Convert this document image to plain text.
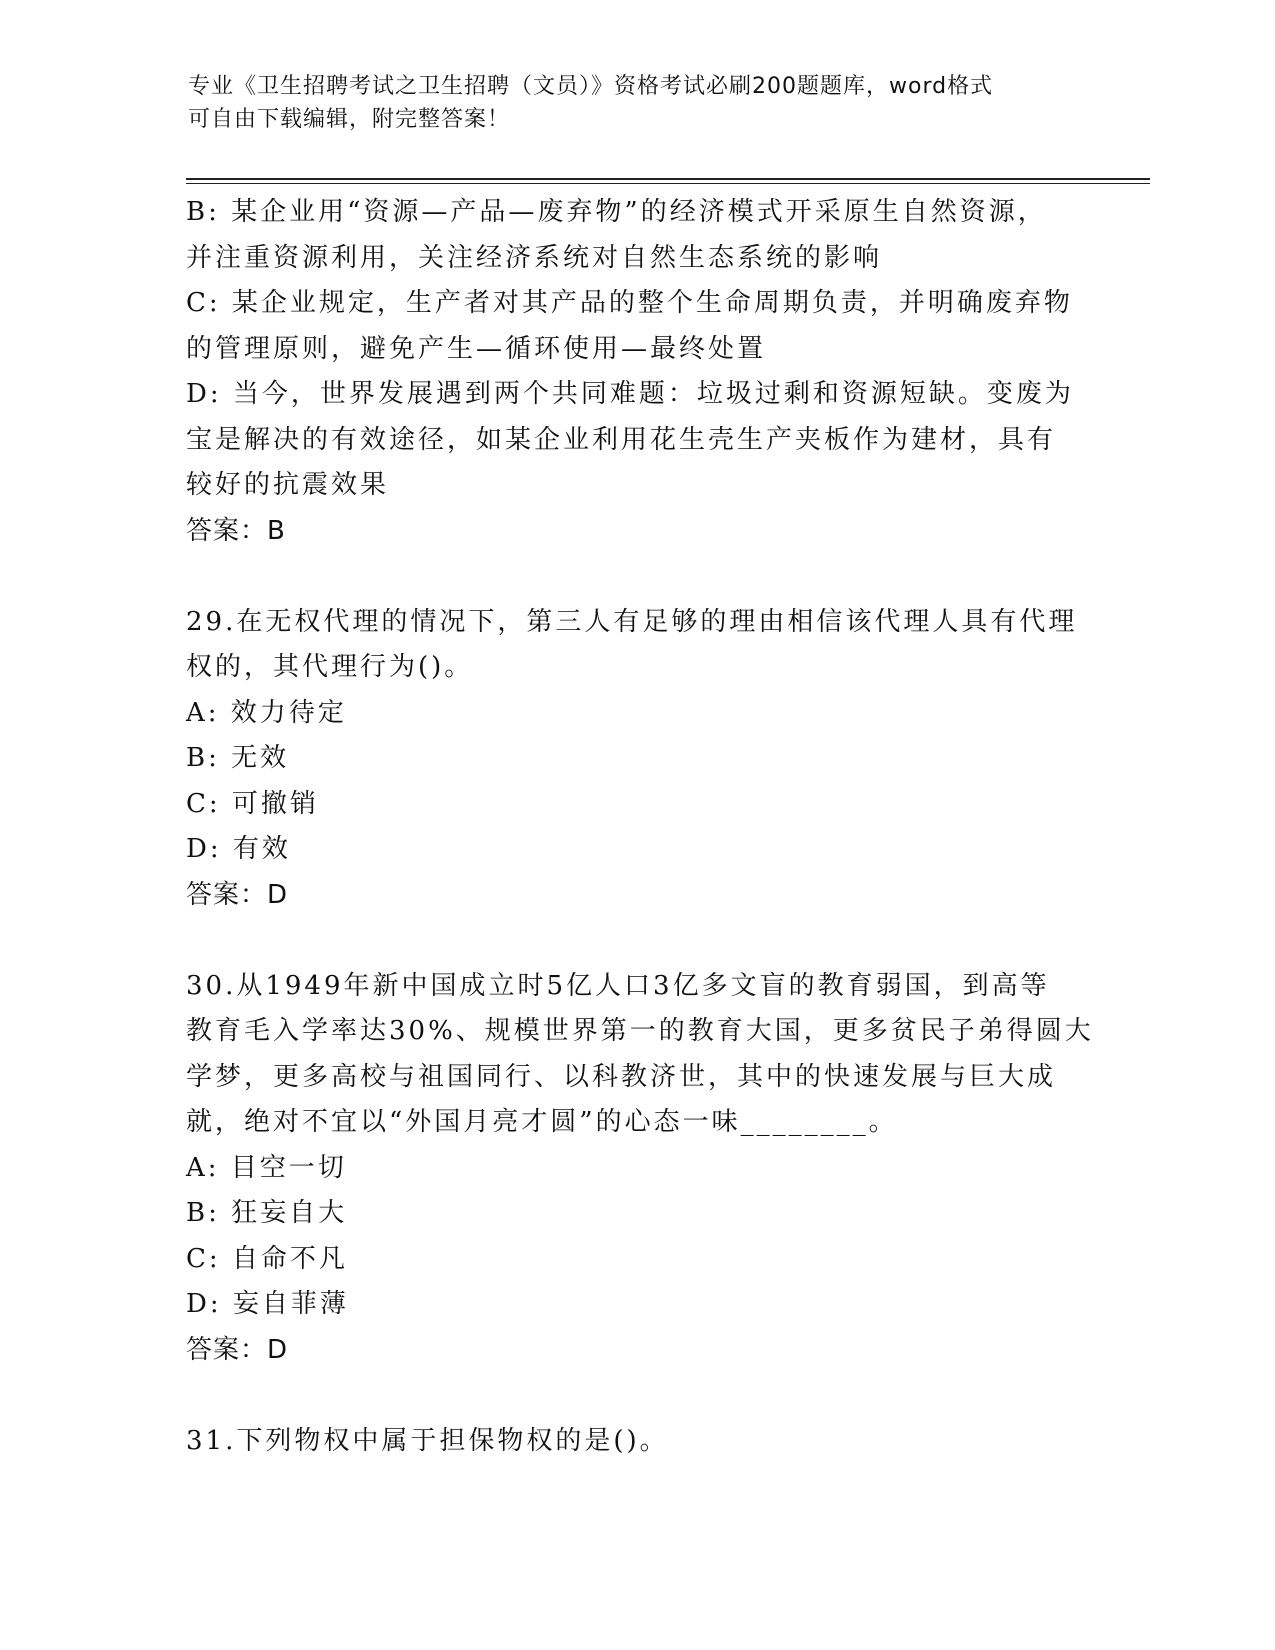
专业《卫生招聘考试之卫生招聘（文员）》资格考试必刷200题题库，word格式
可自由下载编辑，附完整答案！
B: 某企业用“资源—产品—废弃物”的经济模式开采原生自然资源，
并注重资源利用，关注经济系统对自然生态系统的影响
C: 某企业规定，生产者对其产品的整个生命周期负责，并明确废弃物
的管理原则，避免产生—循环使用—最终处置
D: 当今，世界发展遇到两个共同难题：垃圾过剩和资源短缺。变废为
宝是解决的有效途径，如某企业利用花生壳生产夹板作为建材，具有
较好的抗震效果
答案：B
29.在无权代理的情况下，第三人有足够的理由相信该代理人具有代理
权的，其代理行为()。
A: 效力待定
B: 无效
C: 可撤销
D: 有效
答案：D
30.从1949年新中国成立时5亿人口3亿多文盲的教育弱国，到高等
教育毛入学率达30%、规模世界第一的教育大国，更多贫民子弟得圆大
学梦，更多高校与祖国同行、以科教济世，其中的快速发展与巨大成
就，绝对不宜以“外国月亮才圆”的心态一味________。
A: 目空一切
B: 狂妄自大
C: 自命不凡
D: 妄自菲薄
答案：D
31.下列物权中属于担保物权的是()。
